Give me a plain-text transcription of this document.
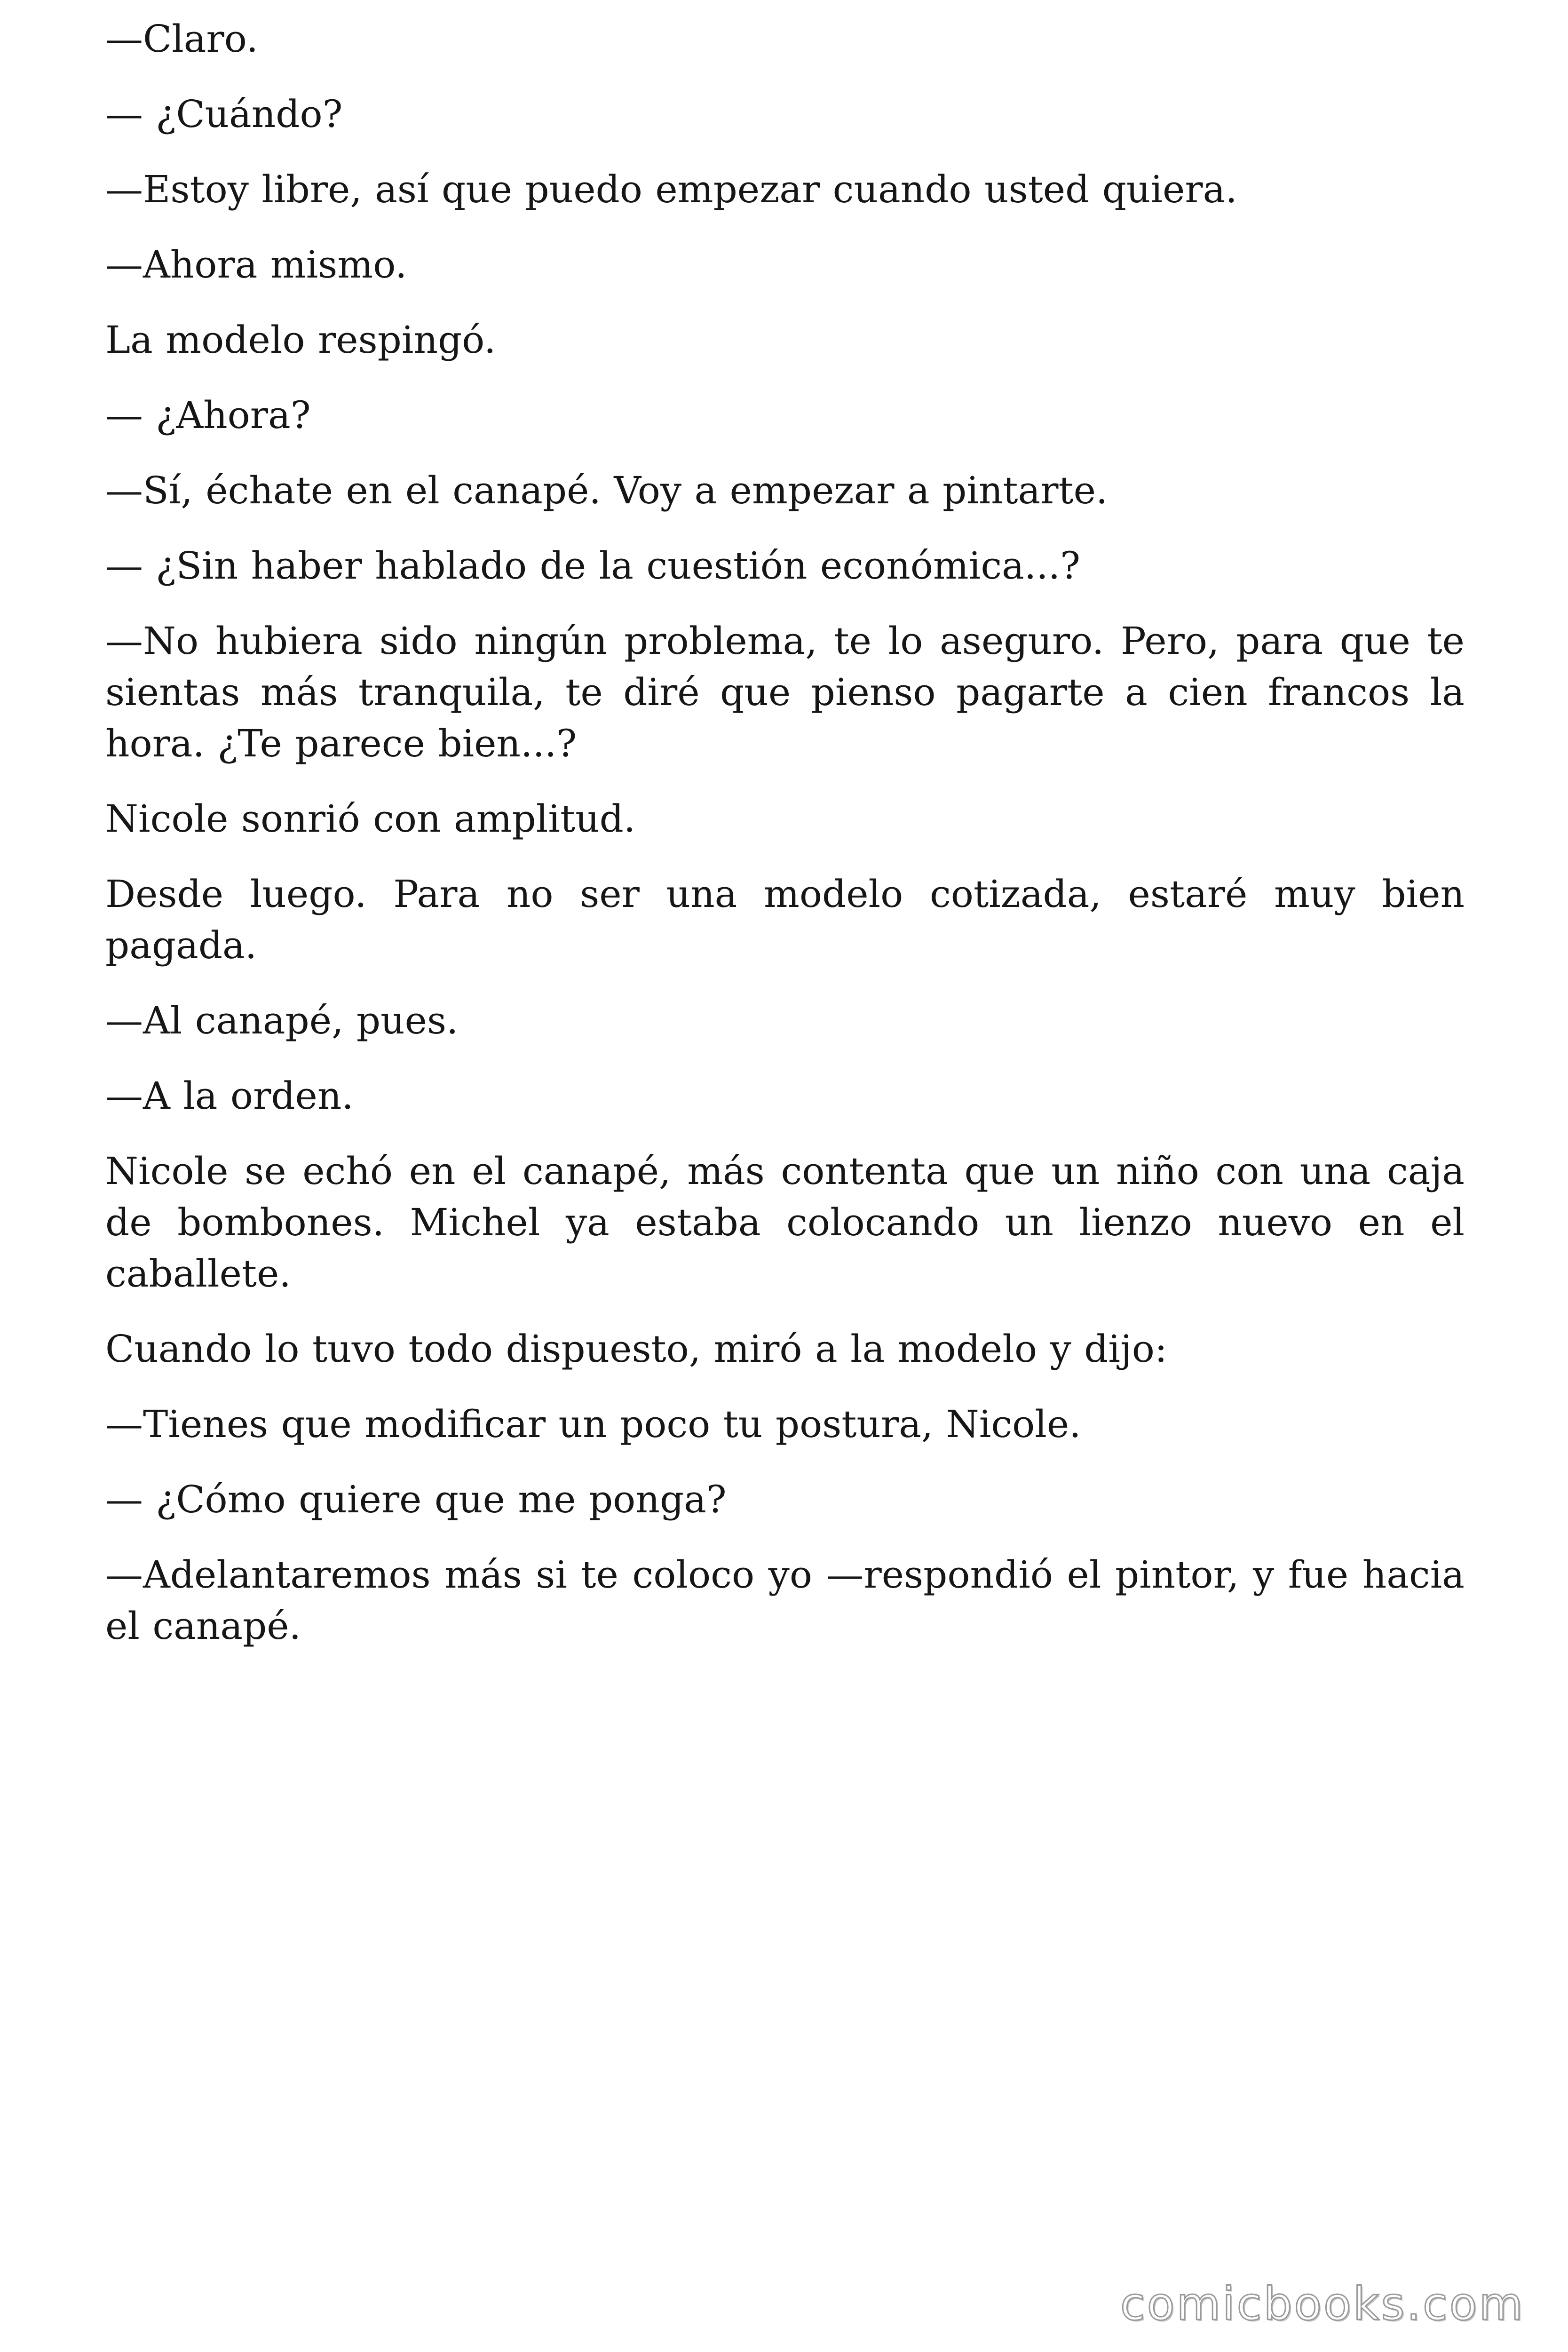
—Claro.

— ¿Cuándo?

—Estoy libre, así que puedo empezar cuando usted quiera.

—Ahora mismo.

La modelo respingó.

— ¿Ahora?

—Sí, échate en el canapé. Voy a empezar a pintarte.

— ¿Sin haber hablado de la cuestión económica...?

—No hubiera sido ningún problema, te lo aseguro. Pero, para que te sientas más tranquila, te diré que pienso pagarte a cien francos la hora. ¿Te parece bien...?

Nicole sonrió con amplitud.

Desde luego. Para no ser una modelo cotizada, estaré muy bien pagada.

—Al canapé, pues.

—A la orden.

Nicole se echó en el canapé, más contenta que un niño con una caja de bombones. Michel ya estaba colocando un lienzo nuevo en el caballete.

Cuando lo tuvo todo dispuesto, miró a la modelo y dijo:

—Tienes que modificar un poco tu postura, Nicole.

— ¿Cómo quiere que me ponga?

—Adelantaremos más si te coloco yo —respondió el pintor, y fue hacia el canapé.

comicbooks.com
